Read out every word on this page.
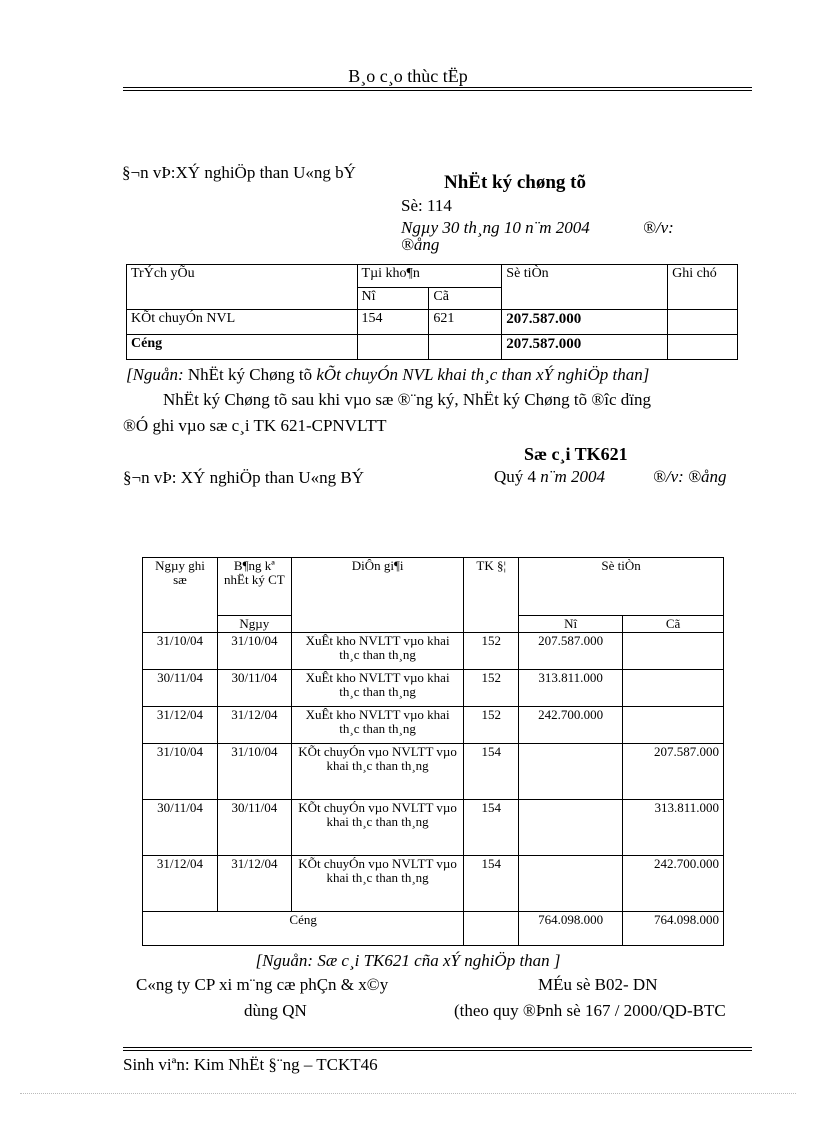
B¸o c¸o thùc tËp
§¬n vÞ:XÝ nghiÖp than U«ng bÝ	NhËt ký chøng tõ
Sè: 114
Ngµy 30 th¸ng 10 n¨m 2004	®/v:
®ång
TrÝch yÕu	Tµi kho¶n		Sè tiÒn	Ghi chó
	Nî	Cã		
KÕt chuyÓn NVL	154	621	207.587.000	
Céng			207.587.000	
[Nguån: NhËt ký Chøng tõ kÕt chuyÓn NVL khai th¸c than xÝ nghiÖp than]
NhËt ký Chøng tõ sau khi vµo sæ ®¨ng ký, NhËt ký Chøng tõ ®îc dïng
®Ó ghi vµo sæ c¸i TK 621-CPNVLTT
Sæ c¸i TK621
§¬n vÞ: XÝ nghiÖp than U«ng BÝ	Quý 4 n¨m 2004	®/v: ®ång
Ngµy ghi sæ	B¶ng kª nhËt ký CT	DiÔn gi¶i	TK §¦	Sè tiÒn	
	Ngµy			Nî	Cã
31/10/04	31/10/04	XuÊt kho NVLTT vµo khai th¸c than th¸ng	152	207.587.000	
30/11/04	30/11/04	XuÊt kho NVLTT vµo khai th¸c than th¸ng	152	313.811.000	
31/12/04	31/12/04	XuÊt kho NVLTT vµo khai th¸c than th¸ng	152	242.700.000	
31/10/04	31/10/04	KÕt chuyÓn vµo NVLTT vµo khai th¸c than th¸ng	154		207.587.000
30/11/04	30/11/04	KÕt chuyÓn vµo NVLTT vµo khai th¸c than th¸ng	154		313.811.000
31/12/04	31/12/04	KÕt chuyÓn vµo NVLTT vµo khai th¸c than th¸ng	154		242.700.000
Céng				764.098.000	764.098.000
[Nguån: Sæ c¸i TK621 cña xÝ nghiÖp than ]
C«ng ty CP xi m¨ng cæ phÇn & x©y
dùng QN
MÉu sè B02- DN
(theo quy ®Þnh sè 167 / 2000/QD-BTC
Sinh viªn: Kim NhËt §¨ng – TCKT46
